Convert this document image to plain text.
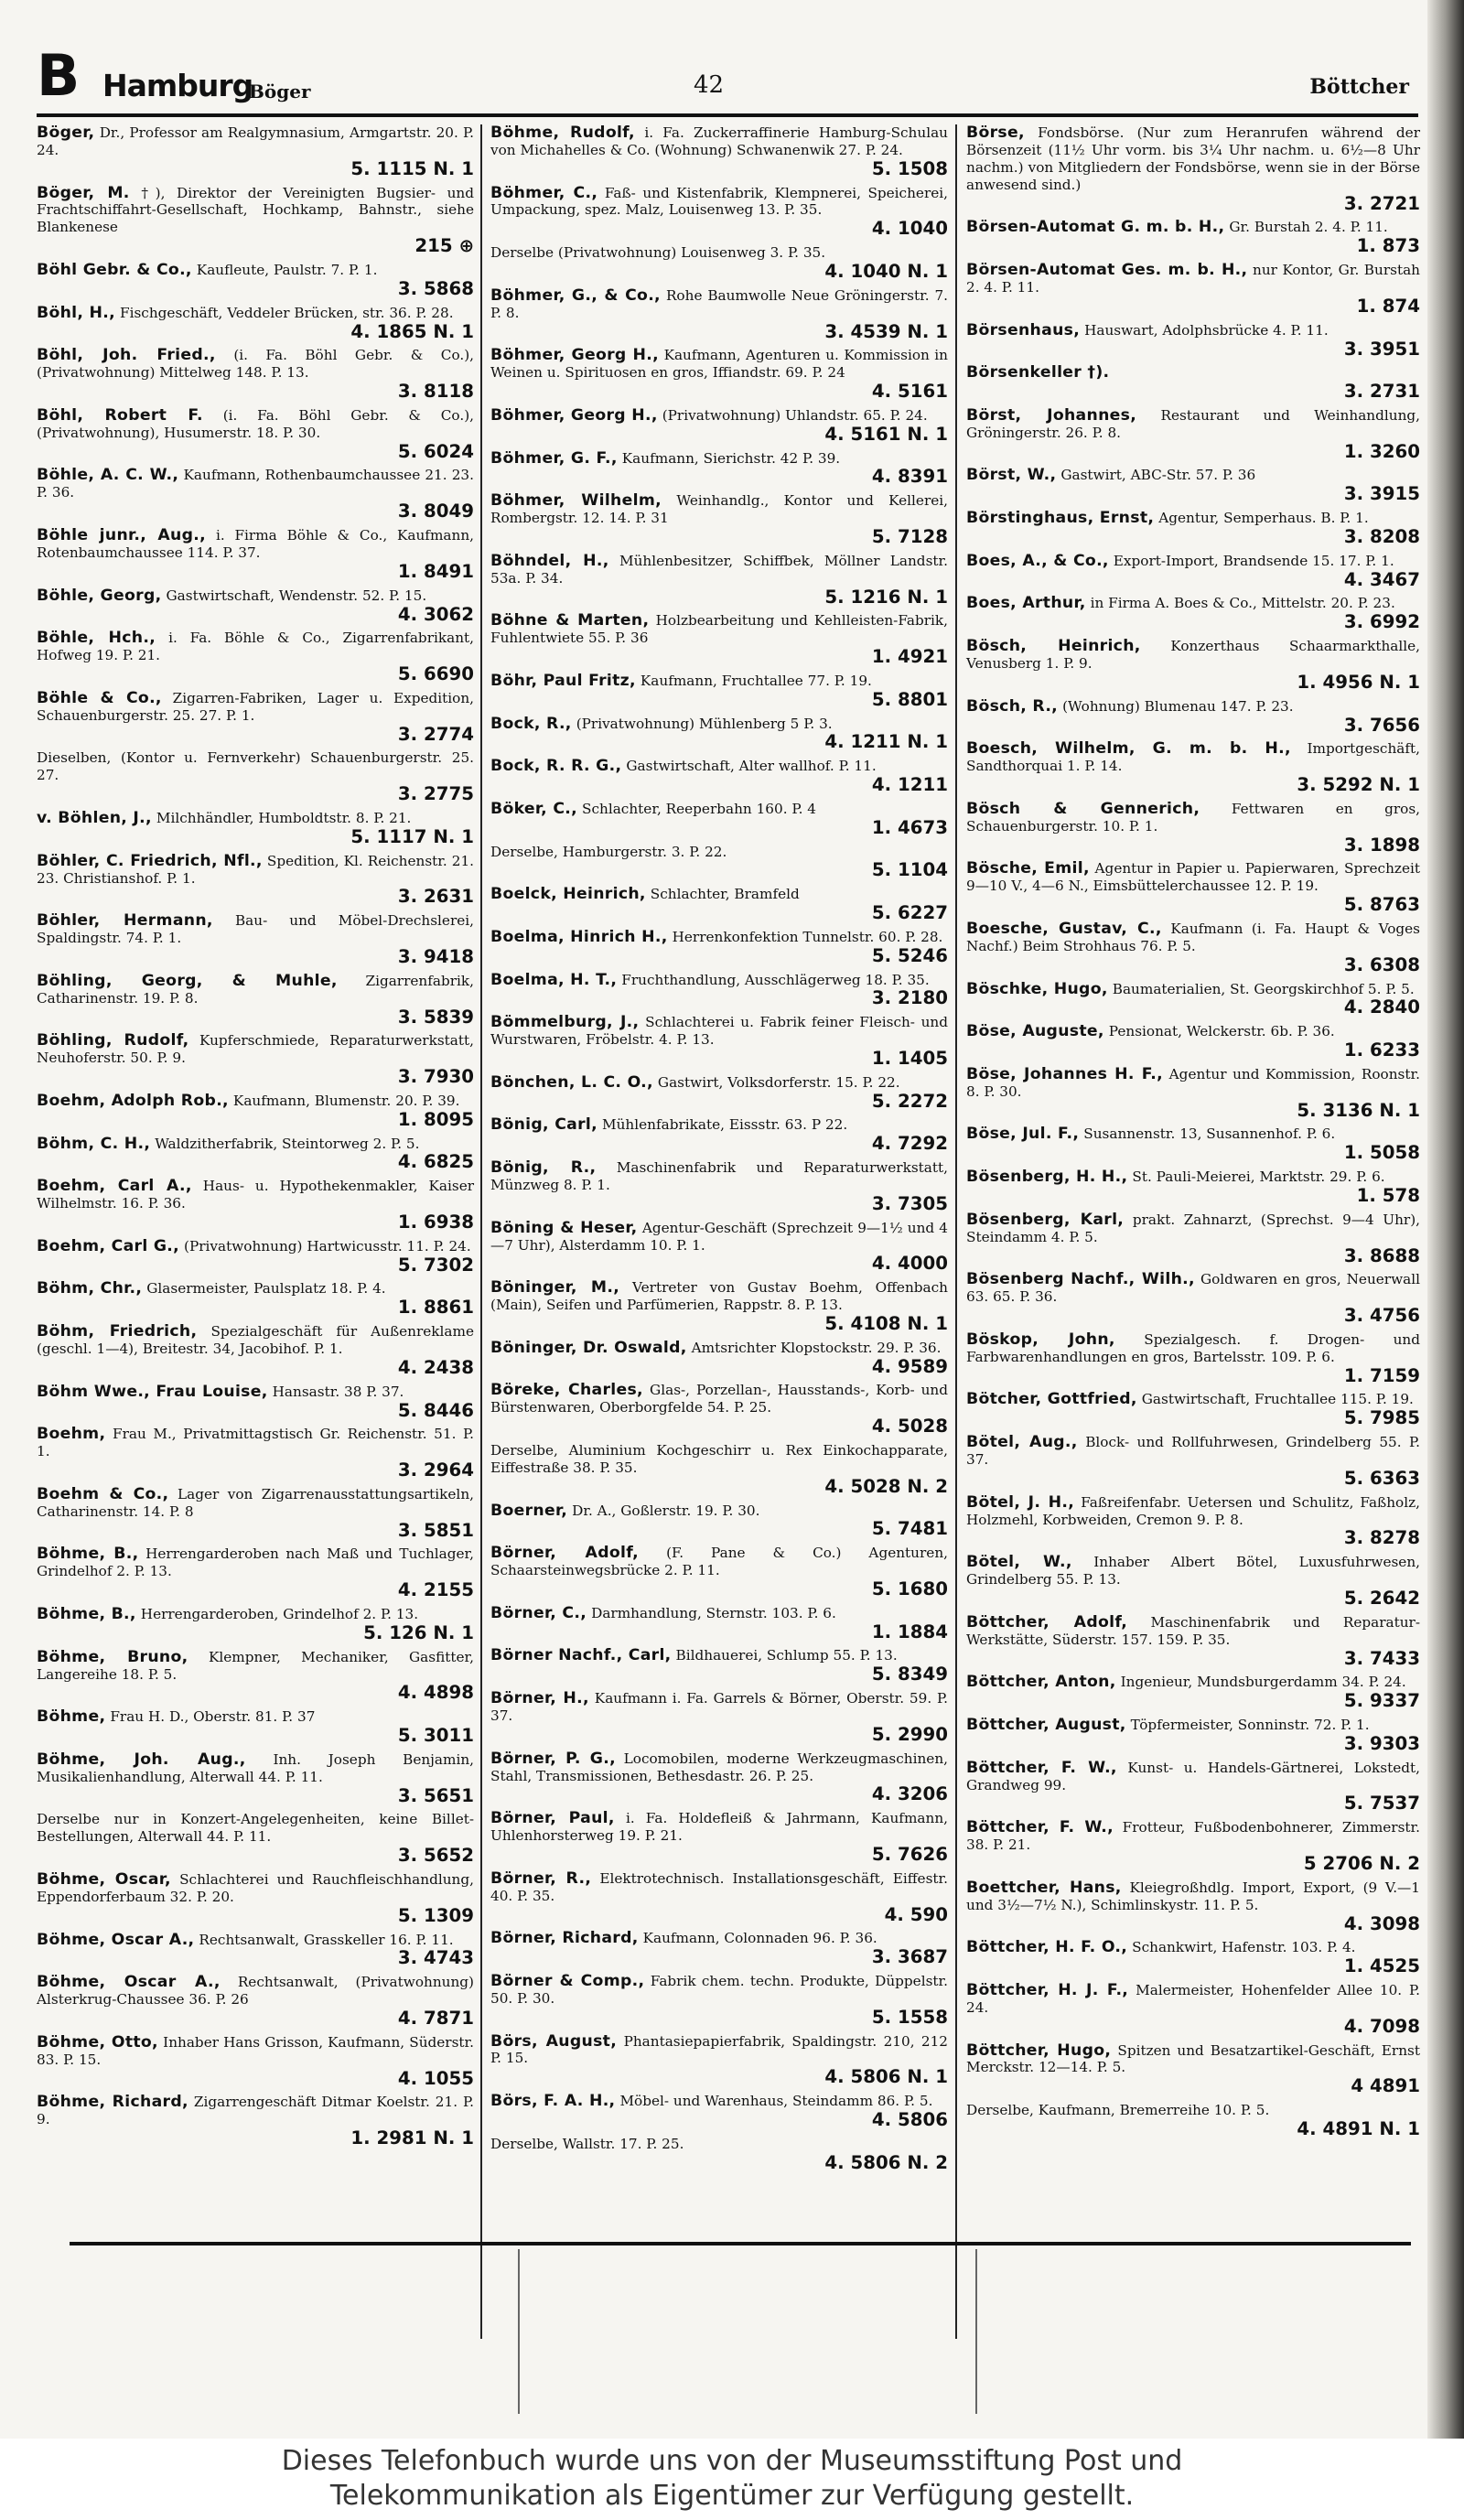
B Hamburg
Böger	42	Böttcher
Böger, Dr., Professor am Realgymnasium, Armgartstr. 20. P. 24.
5. 1115 N. 1
Böger, M. †), Direktor der Vereinigten Bugsier- und Frachtschiffahrt-Gesellschaft, Hochkamp, Bahnstr., siehe Blankenese
215 ⊕
Böhl Gebr. & Co., Kaufleute, Paulstr. 7. P. 1.
3. 5868
Böhl, H., Fischgeschäft, Veddeler Brücken, str. 36. P. 28.
4. 1865 N. 1
Böhl, Joh. Fried., (i. Fa. Böhl Gebr. & Co.), (Privatwohnung) Mittelweg 148. P. 13.
3. 8118
Böhl, Robert F. (i. Fa. Böhl Gebr. & Co.), (Privatwohnung), Husumerstr. 18. P. 30.
5. 6024
Böhle, A. C. W., Kaufmann, Rothenbaumchaussee 21. 23. P. 36.
3. 8049
Böhle junr., Aug., i. Firma Böhle & Co., Kaufmann, Rotenbaumchaussee 114. P. 37.
1. 8491
Böhle, Georg, Gastwirtschaft, Wendenstr. 52. P. 15.
4. 3062
Böhle, Hch., i. Fa. Böhle & Co., Zigarrenfabrikant, Hofweg 19. P. 21.
5. 6690
Böhle & Co., Zigarren-Fabriken, Lager u. Expedition, Schauenburgerstr. 25. 27. P. 1.
3. 2774
Dieselben, (Kontor u. Fernverkehr) Schauenburgerstr. 25. 27.
3. 2775
v. Böhlen, J., Milchhändler, Humboldtstr. 8. P. 21.
5. 1117 N. 1
Böhler, C. Friedrich, Nfl., Spedition, Kl. Reichenstr. 21. 23. Christianshof. P. 1.
3. 2631
Böhler, Hermann, Bau- und Möbel-Drechslerei, Spaldingstr. 74. P. 1.
3. 9418
Böhling, Georg, & Muhle, Zigarrenfabrik, Catharinenstr. 19. P. 8.
3. 5839
Böhling, Rudolf, Kupferschmiede, Reparaturwerkstatt, Neuhoferstr. 50. P. 9.
3. 7930
Boehm, Adolph Rob., Kaufmann, Blumenstr. 20. P. 39.
1. 8095
Böhm, C. H., Waldzitherfabrik, Steintorweg 2. P. 5.
4. 6825
Boehm, Carl A., Haus- u. Hypothekenmakler, Kaiser Wilhelmstr. 16. P. 36.
1. 6938
Boehm, Carl G., (Privatwohnung) Hartwicusstr. 11. P. 24.
5. 7302
Böhm, Chr., Glasermeister, Paulsplatz 18. P. 4.
1. 8861
Böhm, Friedrich, Spezialgeschäft für Außenreklame (geschl. 1—4), Breitestr. 34, Jacobihof. P. 1.
4. 2438
Böhm Wwe., Frau Louise, Hansastr. 38 P. 37.
5. 8446
Boehm, Frau M., Privatmittagstisch Gr. Reichenstr. 51. P. 1.
3. 2964
Boehm & Co., Lager von Zigarrenausstattungsartikeln, Catharinenstr. 14. P. 8
3. 5851
Böhme, B., Herrengarderoben nach Maß und Tuchlager, Grindelhof 2. P. 13.
4. 2155
Böhme, B., Herrengarderoben, Grindelhof 2. P. 13.
5. 126 N. 1
Böhme, Bruno, Klempner, Mechaniker, Gasfitter, Langereihe 18. P. 5.
4. 4898
Böhme, Frau H. D., Oberstr. 81. P. 37
5. 3011
Böhme, Joh. Aug., Inh. Joseph Benjamin, Musikalienhandlung, Alterwall 44. P. 11.
3. 5651
Derselbe nur in Konzert-Angelegenheiten, keine Billet-Bestellungen, Alterwall 44. P. 11.
3. 5652
Böhme, Oscar, Schlachterei und Rauchfleischhandlung, Eppendorferbaum 32. P. 20.
5. 1309
Böhme, Oscar A., Rechtsanwalt, Grasskeller 16. P. 11.
3. 4743
Böhme, Oscar A., Rechtsanwalt, (Privatwohnung) Alsterkrug-Chaussee 36. P. 26
4. 7871
Böhme, Otto, Inhaber Hans Grisson, Kaufmann, Süderstr. 83. P. 15.
4. 1055
Böhme, Richard, Zigarrengeschäft Ditmar Koelstr. 21. P. 9.
1. 2981 N. 1
Böhme, Rudolf, i. Fa. Zuckerraffinerie Hamburg-Schulau von Michahelles & Co. (Wohnung) Schwanenwik 27. P. 24.
5. 1508
Böhmer, C., Faß- und Kistenfabrik, Klempnerei, Speicherei, Umpackung, spez. Malz, Louisenweg 13. P. 35.
4. 1040
Derselbe (Privatwohnung) Louisenweg 3. P. 35.
4. 1040 N. 1
Böhmer, G., & Co., Rohe Baumwolle Neue Gröningerstr. 7. P. 8.
3. 4539 N. 1
Böhmer, Georg H., Kaufmann, Agenturen u. Kommission in Weinen u. Spirituosen en gros, Iffiandstr. 69. P. 24
4. 5161
Böhmer, Georg H., (Privatwohnung) Uhlandstr. 65. P. 24.
4. 5161 N. 1
Böhmer, G. F., Kaufmann, Sierichstr. 42 P. 39.
4. 8391
Böhmer, Wilhelm, Weinhandlg., Kontor und Kellerei, Rombergstr. 12. 14. P. 31
5. 7128
Böhndel, H., Mühlenbesitzer, Schiffbek, Möllner Landstr. 53a. P. 34.
5. 1216 N. 1
Böhne & Marten, Holzbearbeitung und Kehlleisten-Fabrik, Fuhlentwiete 55. P. 36
1. 4921
Böhr, Paul Fritz, Kaufmann, Fruchtallee 77. P. 19.
5. 8801
Bock, R., (Privatwohnung) Mühlenberg 5 P. 3.
4. 1211 N. 1
Bock, R. R. G., Gastwirtschaft, Alter wallhof. P. 11.
4. 1211
Böker, C., Schlachter, Reeperbahn 160. P. 4
1. 4673
Derselbe, Hamburgerstr. 3. P. 22.
5. 1104
Boelck, Heinrich, Schlachter, Bramfeld
5. 6227
Boelma, Hinrich H., Herrenkonfektion Tunnelstr. 60. P. 28.
5. 5246
Boelma, H. T., Fruchthandlung, Ausschlägerweg 18. P. 35.
3. 2180
Bömmelburg, J., Schlachterei u. Fabrik feiner Fleisch- und Wurstwaren, Fröbelstr. 4. P. 13.
1. 1405
Bönchen, L. C. O., Gastwirt, Volksdorferstr. 15. P. 22.
5. 2272
Bönig, Carl, Mühlenfabrikate, Eissstr. 63. P 22.
4. 7292
Bönig, R., Maschinenfabrik und Reparaturwerkstatt, Münzweg 8. P. 1.
3. 7305
Böning & Heser, Agentur-Geschäft (Sprechzeit 9—1½ und 4—7 Uhr), Alsterdamm 10. P. 1.
4. 4000
Böninger, M., Vertreter von Gustav Boehm, Offenbach (Main), Seifen und Parfümerien, Rappstr. 8. P. 13.
5. 4108 N. 1
Böninger, Dr. Oswald, Amtsrichter Klopstockstr. 29. P. 36.
4. 9589
Böreke, Charles, Glas-, Porzellan-, Hausstands-, Korb- und Bürstenwaren, Oberborgfelde 54. P. 25.
4. 5028
Derselbe, Aluminium Kochgeschirr u. Rex Einkochapparate, Eiffestraße 38. P. 35.
4. 5028 N. 2
Boerner, Dr. A., Goßlerstr. 19. P. 30.
5. 7481
Börner, Adolf, (F. Pane & Co.) Agenturen, Schaarsteinwegsbrücke 2. P. 11.
5. 1680
Börner, C., Darmhandlung, Sternstr. 103. P. 6.
1. 1884
Börner Nachf., Carl, Bildhauerei, Schlump 55. P. 13.
5. 8349
Börner, H., Kaufmann i. Fa. Garrels & Börner, Oberstr. 59. P. 37.
5. 2990
Börner, P. G., Locomobilen, moderne Werkzeugmaschinen, Stahl, Transmissionen, Bethesdastr. 26. P. 25.
4. 3206
Börner, Paul, i. Fa. Holdefleiß & Jahrmann, Kaufmann, Uhlenhorsterweg 19. P. 21.
5. 7626
Börner, R., Elektrotechnisch. Installationsgeschäft, Eiffestr. 40. P. 35.
4. 590
Börner, Richard, Kaufmann, Colonnaden 96. P. 36.
3. 3687
Börner & Comp., Fabrik chem. techn. Produkte, Düppelstr. 50. P. 30.
5. 1558
Börs, August, Phantasiepapierfabrik, Spaldingstr. 210, 212 P. 15.
4. 5806 N. 1
Börs, F. A. H., Möbel- und Warenhaus, Steindamm 86. P. 5.
4. 5806
Derselbe, Wallstr. 17. P. 25.
4. 5806 N. 2
Börse, Fondsbörse. (Nur zum Heranrufen während der Börsenzeit (11½ Uhr vorm. bis 3¼ Uhr nachm. u. 6½—8 Uhr nachm.) von Mitgliedern der Fondsbörse, wenn sie in der Börse anwesend sind.)
3. 2721
Börsen-Automat G. m. b. H., Gr. Burstah 2. 4. P. 11.
1. 873
Börsen-Automat Ges. m. b. H., nur Kontor, Gr. Burstah 2. 4. P. 11.
1. 874
Börsenhaus, Hauswart, Adolphsbrücke 4. P. 11.
3. 3951
Börsenkeller †).
3. 2731
Börst, Johannes, Restaurant und Weinhandlung, Gröningerstr. 26. P. 8.
1. 3260
Börst, W., Gastwirt, ABC-Str. 57. P. 36
3. 3915
Börstinghaus, Ernst, Agentur, Semperhaus. B. P. 1.
3. 8208
Boes, A., & Co., Export-Import, Brandsende 15. 17. P. 1.
4. 3467
Boes, Arthur, in Firma A. Boes & Co., Mittelstr. 20. P. 23.
3. 6992
Bösch, Heinrich, Konzerthaus Schaarmarkthalle, Venusberg 1. P. 9.
1. 4956 N. 1
Bösch, R., (Wohnung) Blumenau 147. P. 23.
3. 7656
Boesch, Wilhelm, G. m. b. H., Importgeschäft, Sandthorquai 1. P. 14.
3. 5292 N. 1
Bösch & Gennerich, Fettwaren en gros, Schauenburgerstr. 10. P. 1.
3. 1898
Bösche, Emil, Agentur in Papier u. Papierwaren, Sprechzeit 9—10 V., 4—6 N., Eimsbüttelerchaussee 12. P. 19.
5. 8763
Boesche, Gustav, C., Kaufmann (i. Fa. Haupt & Voges Nachf.) Beim Strohhaus 76. P. 5.
3. 6308
Böschke, Hugo, Baumaterialien, St. Georgskirchhof 5. P. 5.
4. 2840
Böse, Auguste, Pensionat, Welckerstr. 6b. P. 36.
1. 6233
Böse, Johannes H. F., Agentur und Kommission, Roonstr. 8. P. 30.
5. 3136 N. 1
Böse, Jul. F., Susannenstr. 13, Susannenhof. P. 6.
1. 5058
Bösenberg, H. H., St. Pauli-Meierei, Marktstr. 29. P. 6.
1. 578
Bösenberg, Karl, prakt. Zahnarzt, (Sprechst. 9—4 Uhr), Steindamm 4. P. 5.
3. 8688
Bösenberg Nachf., Wilh., Goldwaren en gros, Neuerwall 63. 65. P. 36.
3. 4756
Böskop, John, Spezialgesch. f. Drogen- und Farbwarenhandlungen en gros, Bartelsstr. 109. P. 6.
1. 7159
Bötcher, Gottfried, Gastwirtschaft, Fruchtallee 115. P. 19.
5. 7985
Bötel, Aug., Block- und Rollfuhrwesen, Grindelberg 55. P. 37.
5. 6363
Bötel, J. H., Faßreifenfabr. Uetersen und Schulitz, Faßholz, Holzmehl, Korbweiden, Cremon 9. P. 8.
3. 8278
Bötel, W., Inhaber Albert Bötel, Luxusfuhrwesen, Grindelberg 55. P. 13.
5. 2642
Böttcher, Adolf, Maschinenfabrik und Reparatur-Werkstätte, Süderstr. 157. 159. P. 35.
3. 7433
Böttcher, Anton, Ingenieur, Mundsburgerdamm 34. P. 24.
5. 9337
Böttcher, August, Töpfermeister, Sonninstr. 72. P. 1.
3. 9303
Böttcher, F. W., Kunst- u. Handels-Gärtnerei, Lokstedt, Grandweg 99.
5. 7537
Böttcher, F. W., Frotteur, Fußbodenbohnerer, Zimmerstr. 38. P. 21.
5 2706 N. 2
Boettcher, Hans, Kleiegroßhdlg. Import, Export, (9 V.—1 und 3½—7½ N.), Schimlinskystr. 11. P. 5.
4. 3098
Böttcher, H. F. O., Schankwirt, Hafenstr. 103. P. 4.
1. 4525
Böttcher, H. J. F., Malermeister, Hohenfelder Allee 10. P. 24.
4. 7098
Böttcher, Hugo, Spitzen und Besatzartikel-Geschäft, Ernst Merckstr. 12—14. P. 5.
4 4891
Derselbe, Kaufmann, Bremerreihe 10. P. 5.
4. 4891 N. 1
Dieses Telefonbuch wurde uns von der Museumsstiftung Post und
Telekommunikation als Eigentümer zur Verfügung gestellt.
